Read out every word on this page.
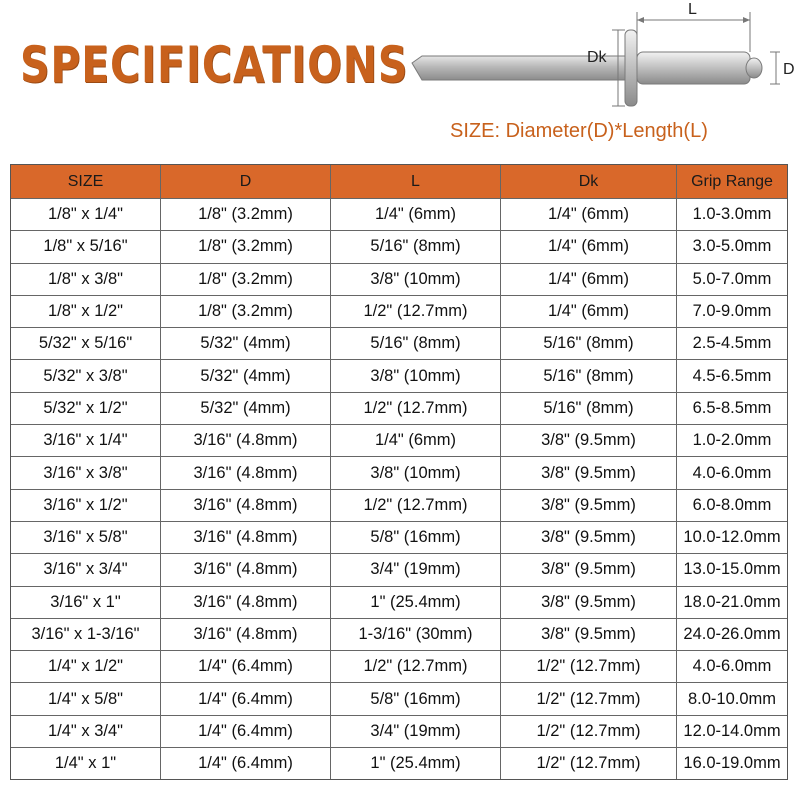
SPECIFICATIONS
L
Dk
D
SIZE: Diameter(D)*Length(L)
SIZE	D	L	Dk	Grip Range
1/8" x 1/4"	1/8" (3.2mm)	1/4" (6mm)	1/4" (6mm)	1.0-3.0mm
1/8" x 5/16"	1/8" (3.2mm)	5/16" (8mm)	1/4" (6mm)	3.0-5.0mm
1/8" x 3/8"	1/8" (3.2mm)	3/8" (10mm)	1/4" (6mm)	5.0-7.0mm
1/8" x 1/2"	1/8" (3.2mm)	1/2" (12.7mm)	1/4" (6mm)	7.0-9.0mm
5/32" x 5/16"	5/32" (4mm)	5/16" (8mm)	5/16" (8mm)	2.5-4.5mm
5/32" x 3/8"	5/32" (4mm)	3/8" (10mm)	5/16" (8mm)	4.5-6.5mm
5/32" x 1/2"	5/32" (4mm)	1/2" (12.7mm)	5/16" (8mm)	6.5-8.5mm
3/16" x 1/4"	3/16" (4.8mm)	1/4" (6mm)	3/8" (9.5mm)	1.0-2.0mm
3/16" x 3/8"	3/16" (4.8mm)	3/8" (10mm)	3/8" (9.5mm)	4.0-6.0mm
3/16" x 1/2"	3/16" (4.8mm)	1/2" (12.7mm)	3/8" (9.5mm)	6.0-8.0mm
3/16" x 5/8"	3/16" (4.8mm)	5/8" (16mm)	3/8" (9.5mm)	10.0-12.0mm
3/16" x 3/4"	3/16" (4.8mm)	3/4" (19mm)	3/8" (9.5mm)	13.0-15.0mm
3/16" x 1"	3/16" (4.8mm)	1" (25.4mm)	3/8" (9.5mm)	18.0-21.0mm
3/16" x 1-3/16"	3/16" (4.8mm)	1-3/16" (30mm)	3/8" (9.5mm)	24.0-26.0mm
1/4" x 1/2"	1/4" (6.4mm)	1/2" (12.7mm)	1/2" (12.7mm)	4.0-6.0mm
1/4" x 5/8"	1/4" (6.4mm)	5/8" (16mm)	1/2" (12.7mm)	8.0-10.0mm
1/4" x 3/4"	1/4" (6.4mm)	3/4" (19mm)	1/2" (12.7mm)	12.0-14.0mm
1/4" x 1"	1/4" (6.4mm)	1" (25.4mm)	1/2" (12.7mm)	16.0-19.0mm
